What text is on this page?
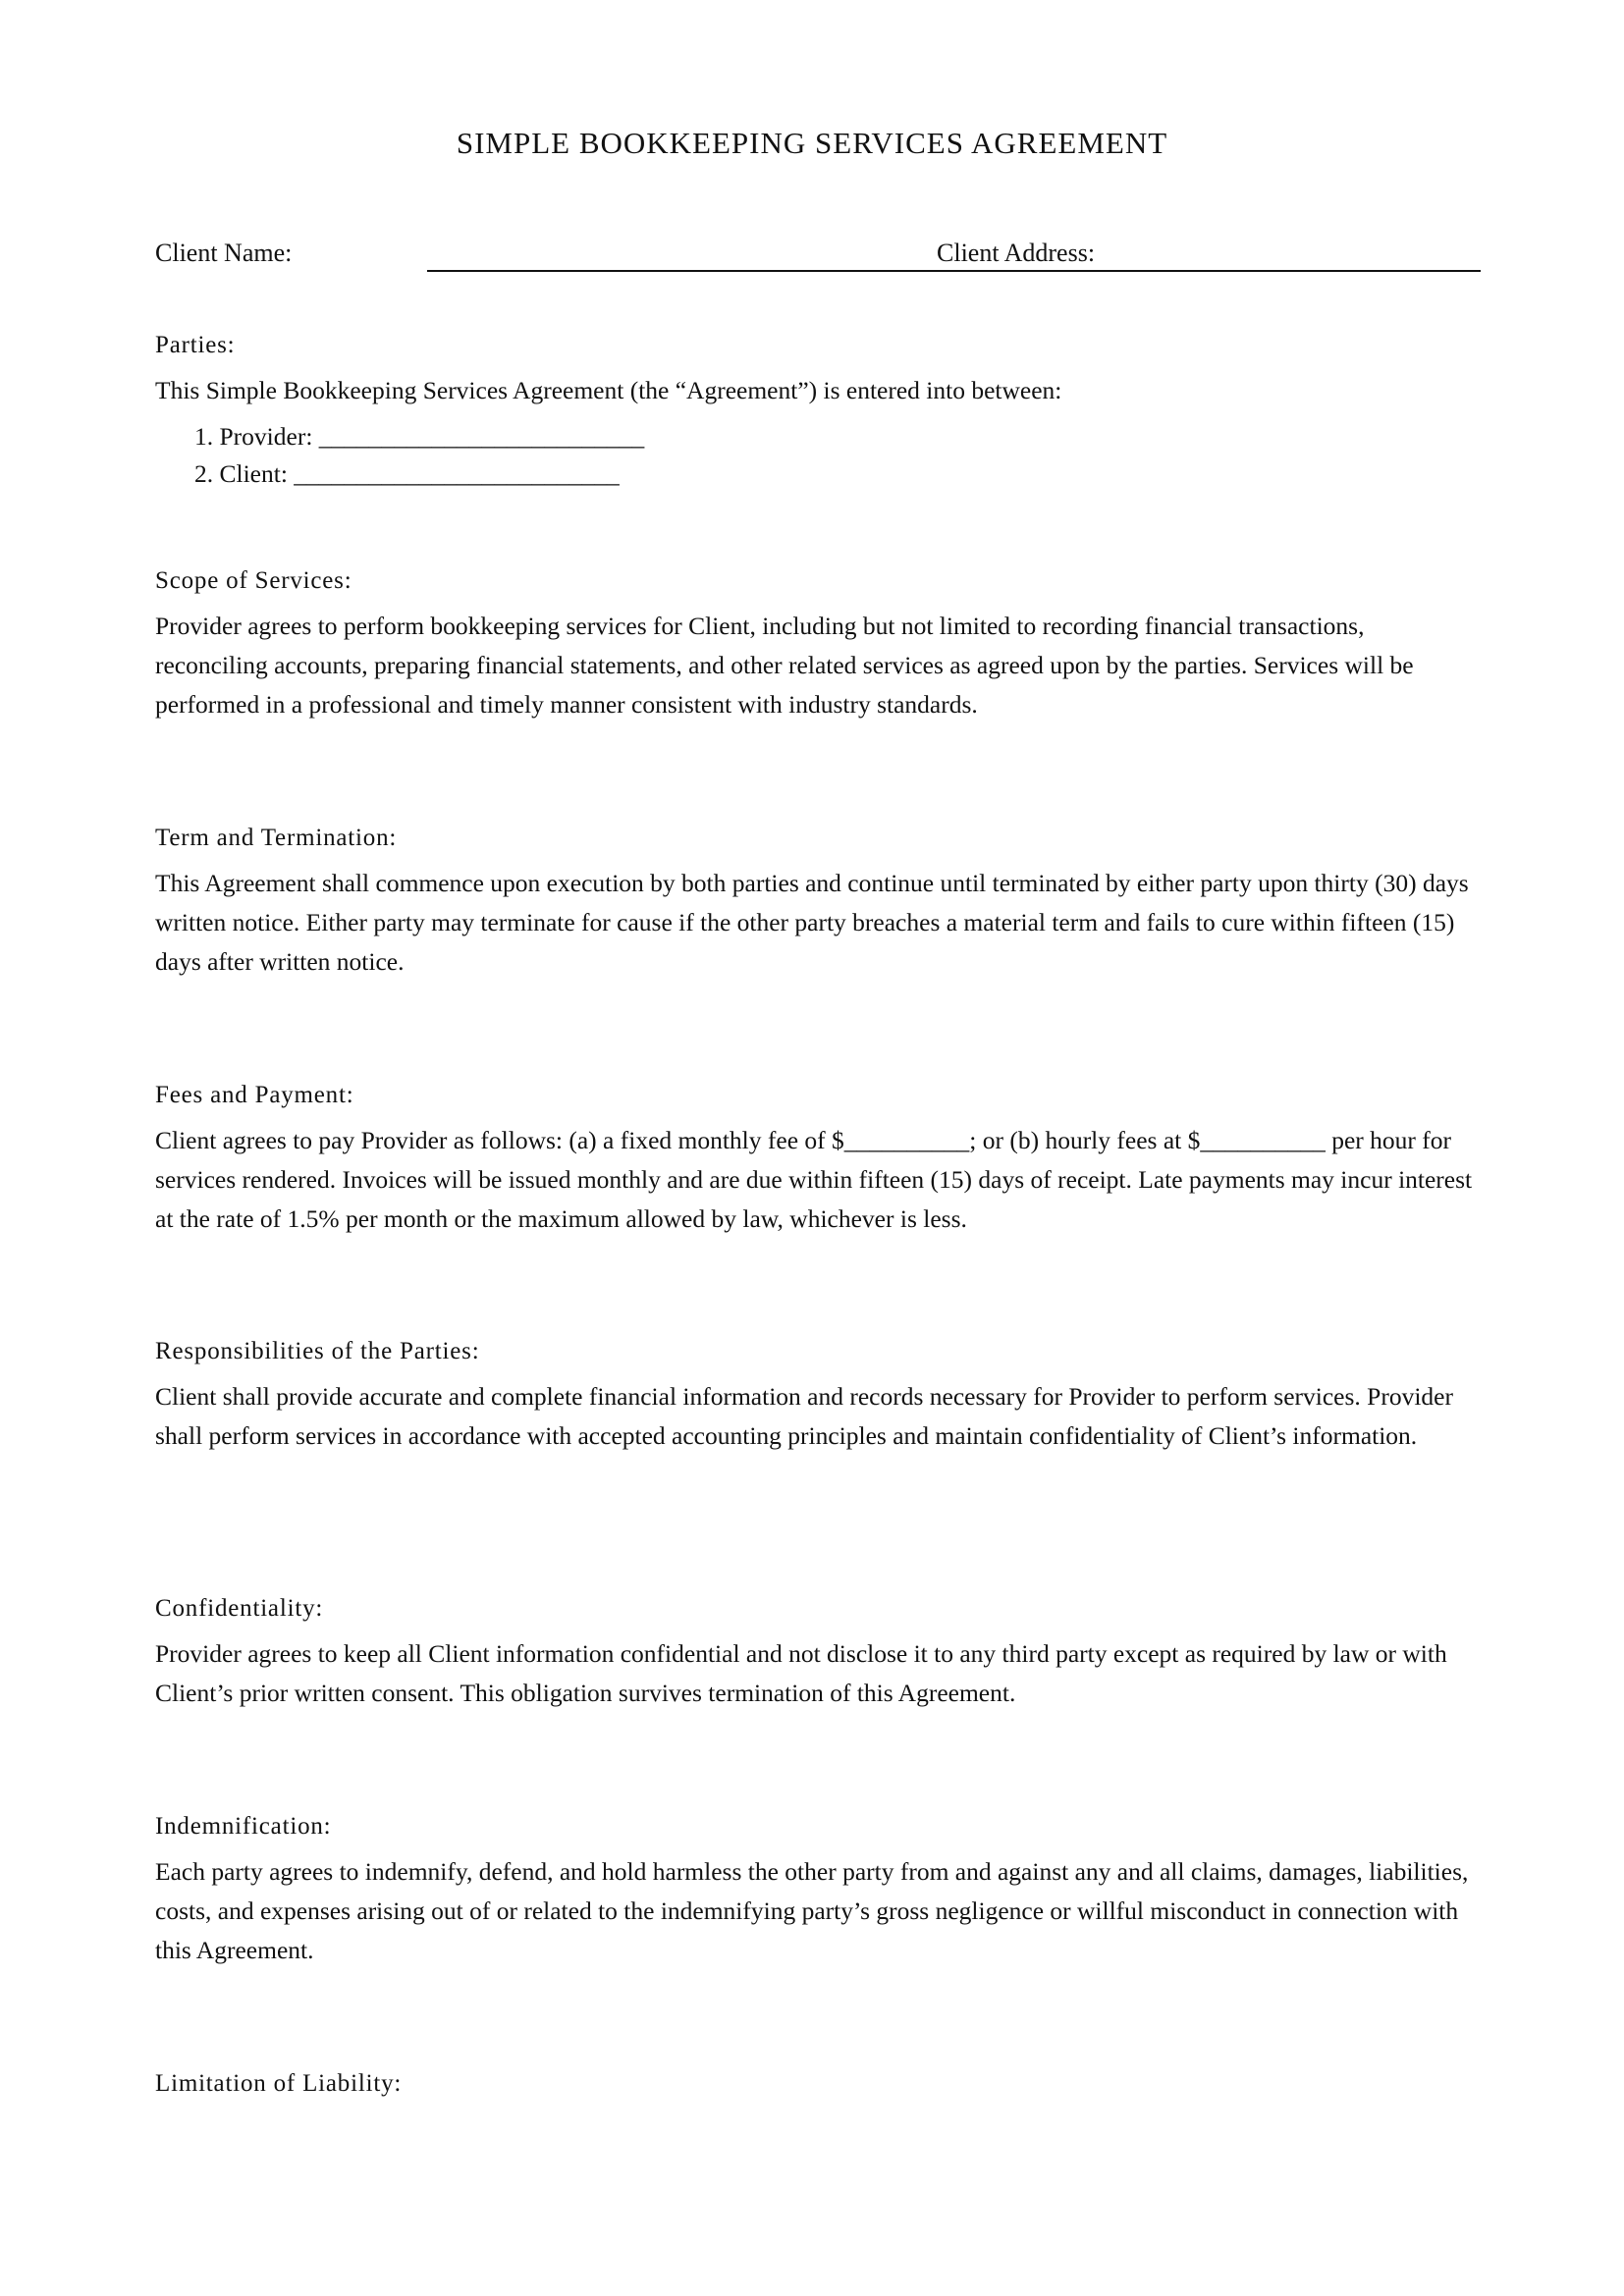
SIMPLE BOOKKEEPING SERVICES AGREEMENT
Client Name:	Client Address:

Parties:

This Simple Bookkeeping Services Agreement (the “Agreement”) is entered into between:

1. Provider: __________________________
2. Client: __________________________

Scope of Services:

Provider agrees to perform bookkeeping services for Client, including but not limited to recording financial transactions, reconciling accounts, preparing financial statements, and other related services as agreed upon by the parties. Services will be performed in a professional and timely manner consistent with industry standards.

Term and Termination:

This Agreement shall commence upon execution by both parties and continue until terminated by either party upon thirty (30) days written notice. Either party may terminate for cause if the other party breaches a material term and fails to cure within fifteen (15) days after written notice.

Fees and Payment:

Client agrees to pay Provider as follows: (a) a fixed monthly fee of $__________; or (b) hourly fees at $__________ per hour for services rendered. Invoices will be issued monthly and are due within fifteen (15) days of receipt. Late payments may incur interest at the rate of 1.5% per month or the maximum allowed by law, whichever is less.

Responsibilities of the Parties:

Client shall provide accurate and complete financial information and records necessary for Provider to perform services. Provider shall perform services in accordance with accepted accounting principles and maintain confidentiality of Client’s information.

Confidentiality:

Provider agrees to keep all Client information confidential and not disclose it to any third party except as required by law or with Client’s prior written consent. This obligation survives termination of this Agreement.

Indemnification:

Each party agrees to indemnify, defend, and hold harmless the other party from and against any and all claims, damages, liabilities, costs, and expenses arising out of or related to the indemnifying party’s gross negligence or willful misconduct in connection with this Agreement.

Limitation of Liability:
